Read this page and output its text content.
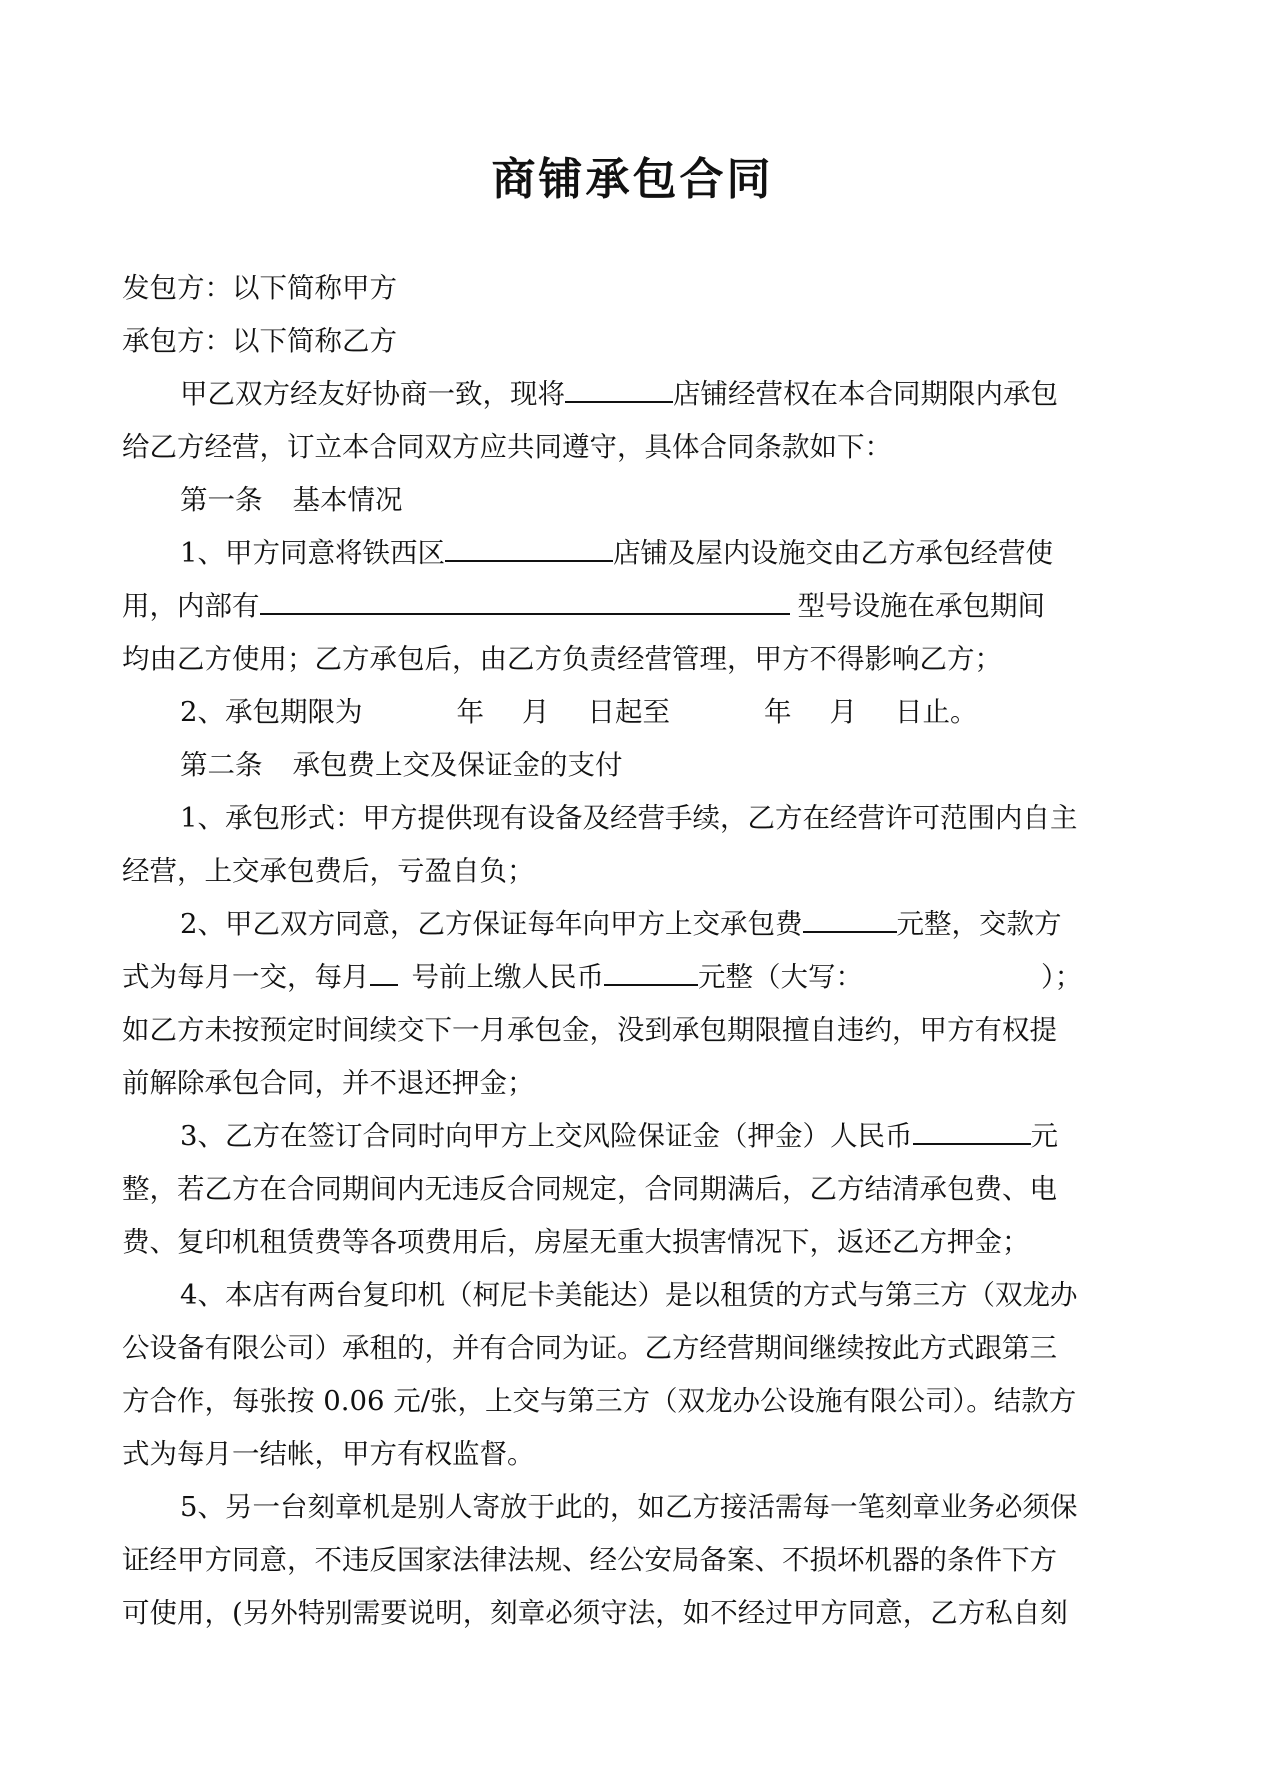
商铺承包合同
发包方：以下简称甲方
承包方：以下简称乙方
甲乙双方经友好协商一致，现将	店铺经营权在本合同期限内承包
给乙方经营，订立本合同双方应共同遵守，具体合同条款如下：
第一条 基本情况
1、甲方同意将铁西区	店铺及屋内设施交由乙方承包经营使
用，内部有	型号设施在承包期间
均由乙方使用；乙方承包后，由乙方负责经营管理，甲方不得影响乙方；
2、承包期限为	年 月 日起至	年 月 日止。
第二条 承包费上交及保证金的支付
1、承包形式：甲方提供现有设备及经营手续，乙方在经营许可范围内自主
经营，上交承包费后，亏盈自负；
2、甲乙双方同意，乙方保证每年向甲方上交承包费	元整，交款方
式为每月一交，每月 号前上缴人民币	元整（大写：	）；
如乙方未按预定时间续交下一月承包金，没到承包期限擅自违约，甲方有权提
前解除承包合同，并不退还押金；
3、乙方在签订合同时向甲方上交风险保证金（押金）人民币	元
整，若乙方在合同期间内无违反合同规定，合同期满后，乙方结清承包费、电
费、复印机租赁费等各项费用后，房屋无重大损害情况下，返还乙方押金；
4、本店有两台复印机（柯尼卡美能达）是以租赁的方式与第三方（双龙办
公设备有限公司）承租的，并有合同为证。乙方经营期间继续按此方式跟第三
方合作，每张按 0.06 元/张，上交与第三方（双龙办公设施有限公司）。结款方
式为每月一结帐，甲方有权监督。
5、另一台刻章机是别人寄放于此的，如乙方接活需每一笔刻章业务必须保
证经甲方同意，不违反国家法律法规、经公安局备案、不损坏机器的条件下方
可使用，(另外特别需要说明，刻章必须守法，如不经过甲方同意，乙方私自刻
